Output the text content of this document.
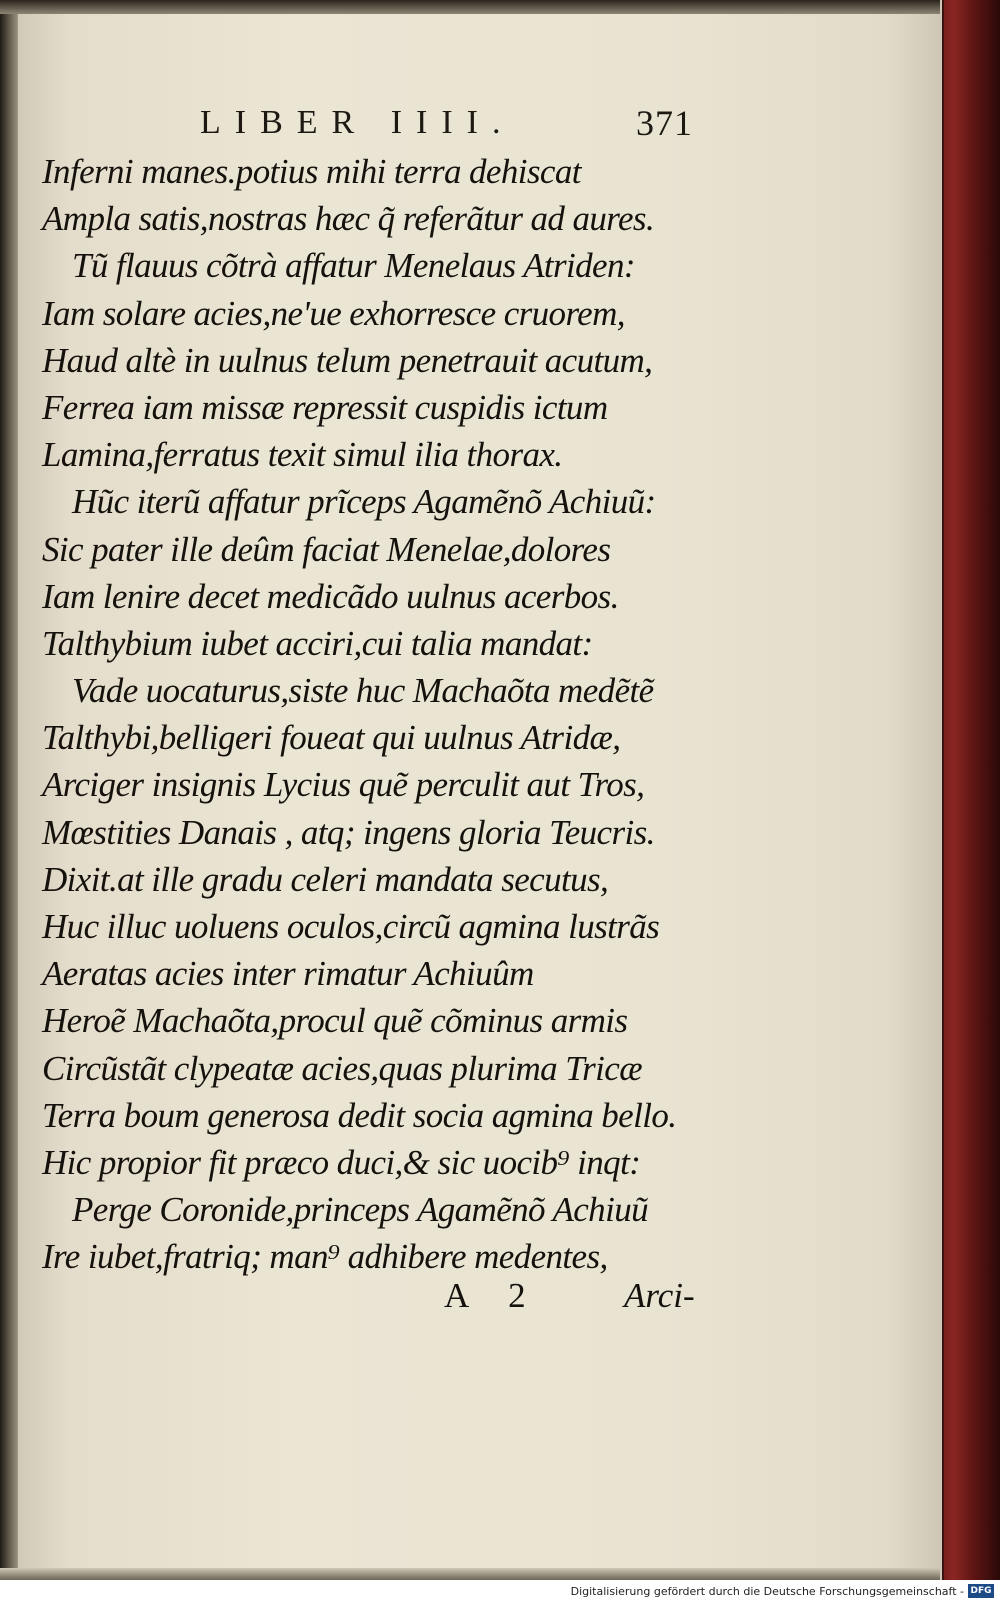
LIBER IIII.	371
Inferni manes.potius mihi terra dehiscat
Ampla satis,nostras hæc q̃ referãtur ad aures.
Tũ flauus cõtrà affatur Menelaus Atriden:
Iam solare acies,ne'ue exhorresce cruorem,
Haud altè in uulnus telum penetrauit acutum,
Ferrea iam missæ repressit cuspidis ictum
Lamina,ferratus texit simul ilia thorax.
Hũc iterũ affatur prĩceps Agamẽnõ Achiuũ:
Sic pater ille deûm faciat Menelae,dolores
Iam lenire decet medicãdo uulnus acerbos.
Talthybium iubet acciri,cui talia mandat:
Vade uocaturus,siste huc Machaõta medẽtẽ
Talthybi,belligeri foueat qui uulnus Atridæ,
Arciger insignis Lycius quẽ perculit aut Tros,
Mœstities Danais , atq; ingens gloria Teucris.
Dixit.at ille gradu celeri mandata secutus,
Huc illuc uoluens oculos,circũ agmina lustrãs
Aeratas acies inter rimatur Achiuûm
Heroẽ Machaõta,procul quẽ cõminus armis
Circũstãt clypeatæ acies,quas plurima Tricæ
Terra boum generosa dedit socia agmina bello.
Hic propior fit præco duci,& sic uocib⁹ inqt:
Perge Coronide,princeps Agamẽnõ Achiuũ
Ire iubet,fratriq; man⁹ adhibere medentes,
A 2 Arci-
Digitalisierung gefördert durch die Deutsche Forschungsgemeinschaft - DFG
